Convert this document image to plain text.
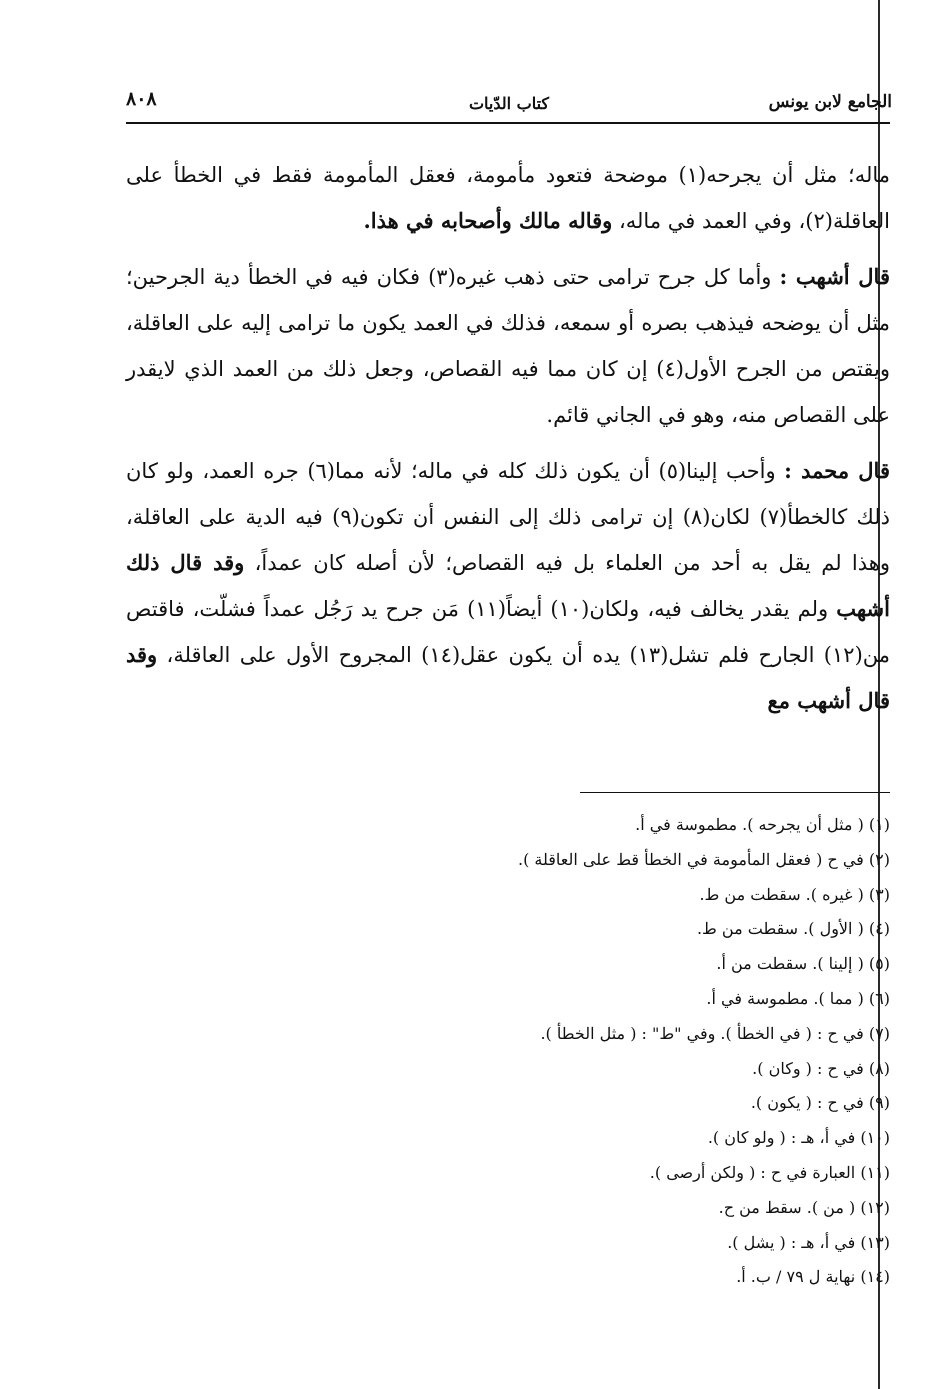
الجامع لابن يونس
كتاب الدّيات
٨٠٨

ماله؛ مثل أن يجرحه(١) موضحة فتعود مأمومة، فعقل المأمومة فقط في الخطأ على العاقلة(٢)، وفي العمد في ماله، وقاله مالك وأصحابه في هذا.

قال أشهب : وأما كل جرح ترامى حتى ذهب غيره(٣) فكان فيه في الخطأ دية الجرحين؛ مثل أن يوضحه فيذهب بصره أو سمعه، فذلك في العمد يكون ما ترامى إليه على العاقلة، ويقتص من الجرح الأول(٤) إن كان مما فيه القصاص، وجعل ذلك من العمد الذي لايقدر على القصاص منه، وهو في الجاني قائم.

قال محمد : وأحب إلينا(٥) أن يكون ذلك كله في ماله؛ لأنه مما(٦) جره العمد، ولو كان ذلك كالخطأ(٧) لكان(٨) إن ترامى ذلك إلى النفس أن تكون(٩) فيه الدية على العاقلة، وهذا لم يقل به أحد من العلماء بل فيه القصاص؛ لأن أصله كان عمداً، وقد قال ذلك أشهب ولم يقدر يخالف فيه، ولكان(١٠) أيضاً(١١) مَن جرح يد رَجُل عمداً فشلّت، فاقتص من(١٢) الجارح فلم تشل(١٣) يده أن يكون عقل(١٤) المجروح الأول على العاقلة، وقد قال أشهب مع

(١) ( مثل أن يجرحه ). مطموسة في أ.
(٢) في ح ( فعقل المأمومة في الخطأ قط على العاقلة ).
(٣) ( غيره ). سقطت من ط.
(٤) ( الأول ). سقطت من ط.
(٥) ( إلينا ). سقطت من أ.
(٦) ( مما ). مطموسة في أ.
(٧) في ح : ( في الخطأ ). وفي "ط" : ( مثل الخطأ ).
(٨) في ح : ( وكان ).
(٩) في ح : ( يكون ).
(١٠) في أ، هـ : ( ولو كان ).
(١١) العبارة في ح : ( ولكن أرصى ).
(١٢) ( من ). سقط من ح.
(١٣) في أ، هـ : ( يشل ).
(١٤) نهاية ل ٧٩ / ب. أ.
